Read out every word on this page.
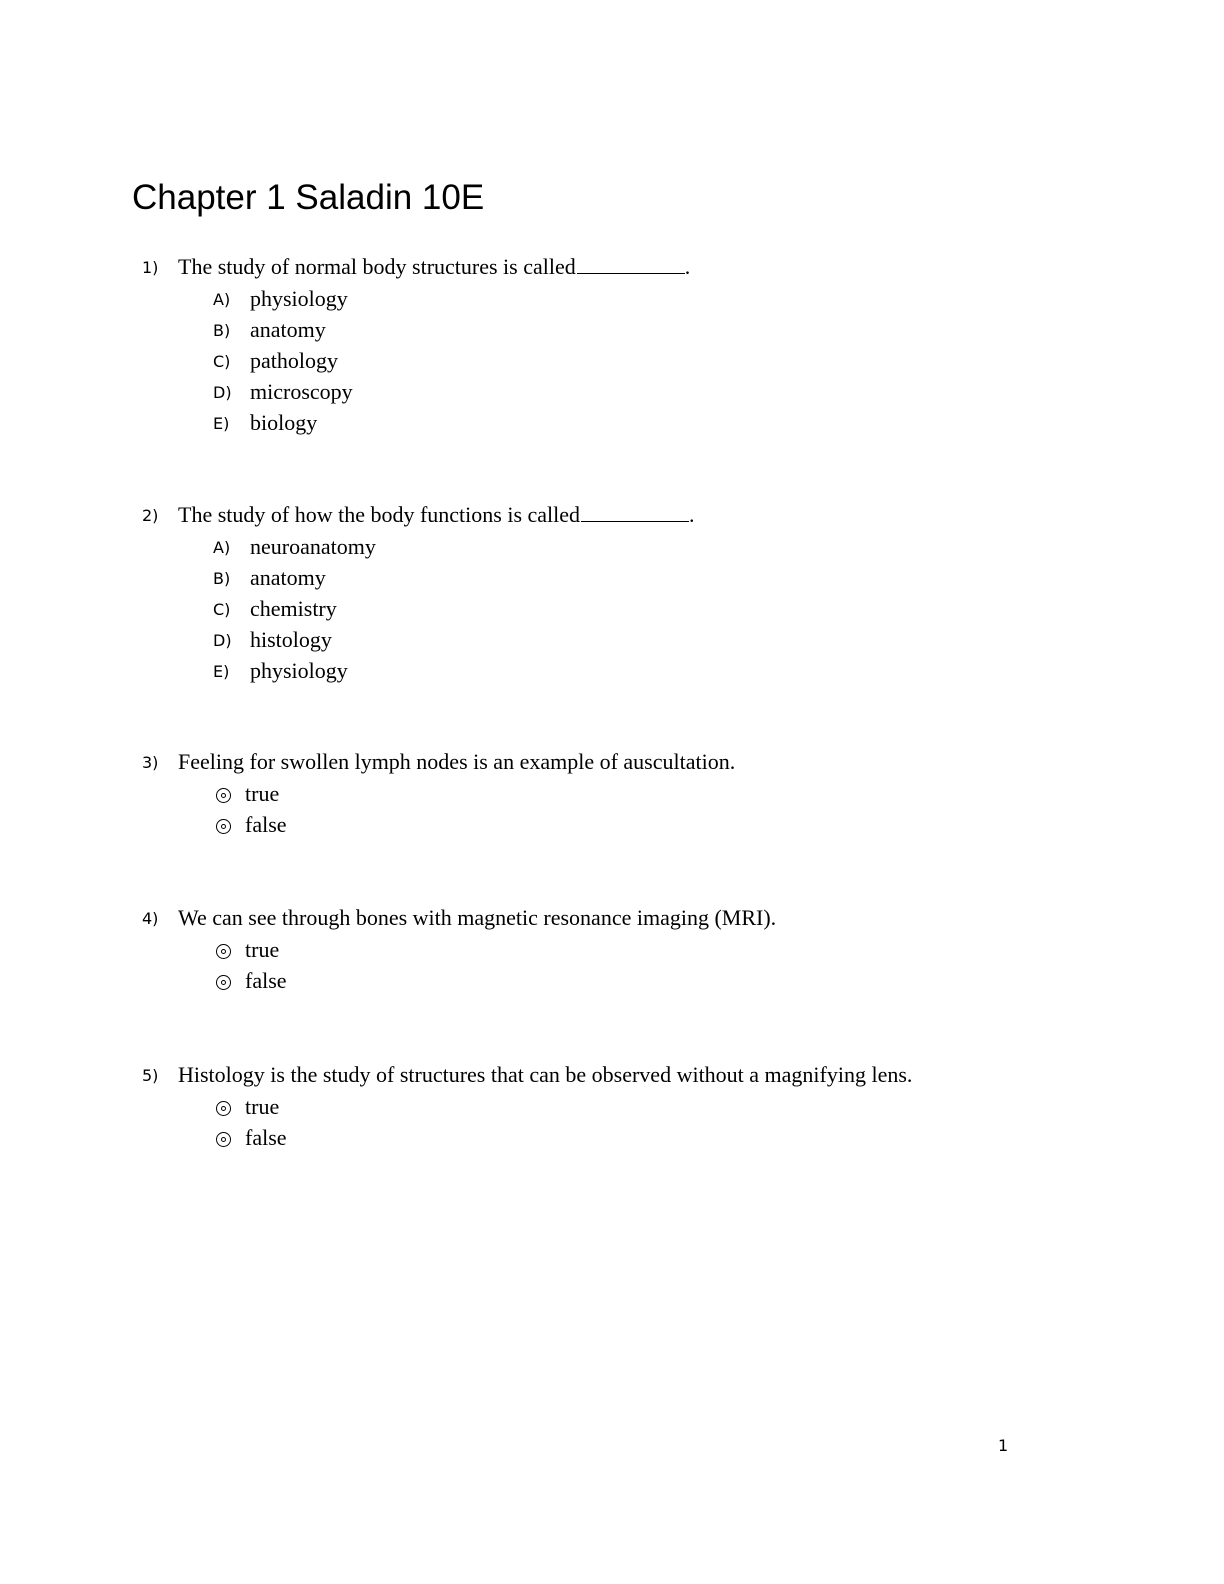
Chapter 1 Saladin 10E
1) The study of normal body structures is called	.
A) physiology
B) anatomy
C) pathology
D) microscopy
E) biology
2) The study of how the body functions is called	.
A) neuroanatomy
B) anatomy
C) chemistry
D) histology
E) physiology
3) Feeling for swollen lymph nodes is an example of auscultation.
true
false
4) We can see through bones with magnetic resonance imaging (MRI).
true
false
5) Histology is the study of structures that can be observed without a magnifying lens.
true
false
1
